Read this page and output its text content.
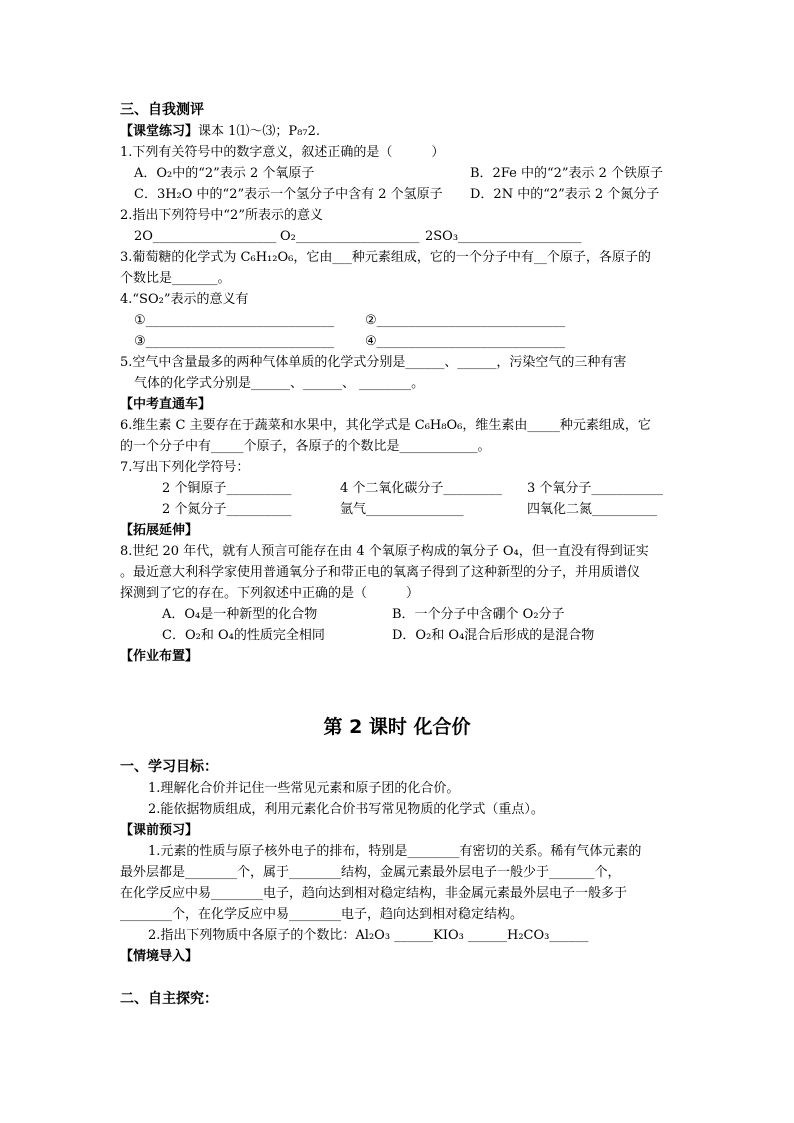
三、自我测评
【课堂练习】课本 1⑴～⑶；P₈₇2.
1.下列有关符号中的数字意义，叙述正确的是（　　　）
A．O₂中的“2”表示 2 个氧原子	B．2Fe 中的“2”表示 2 个铁原子
C．3H₂O 中的“2”表示一个氢分子中含有 2 个氢原子 D．2N 中的“2”表示 2 个氮分子
2.指出下列符号中“2”所表示的意义
2O___________________ O₂___________________ 2SO₃___________________
3.葡萄糖的化学式为 C₆H₁₂O₆，它由___种元素组成，它的一个分子中有__个原子，各原子的
个数比是_______。
4.“SO₂”表示的意义有
①_____________________________ ②_____________________________
③_____________________________ ④_____________________________
5.空气中含量最多的两种气体单质的化学式分别是______、______，污染空气的三种有害
气体的化学式分别是______、______、 ________。
【中考直通车】
6.维生素 C 主要存在于蔬菜和水果中，其化学式是 C₆H₈O₆，维生素由_____种元素组成，它
的一个分子中有_____个原子，各原子的个数比是____________。
7.写出下列化学符号：
2 个铜原子__________	4 个二氧化碳分子_________ 3 个氧分子___________
2 个氮分子__________	氩气_______________	四氧化二氮__________
【拓展延伸】
8.世纪 20 年代，就有人预言可能存在由 4 个氧原子构成的氧分子 O₄，但一直没有得到证实
。最近意大利科学家使用普通氧分子和带正电的氧离子得到了这种新型的分子，并用质谱仪
探测到了它的存在。下列叙述中正确的是（　　　）
A．O₄是一种新型的化合物	B．一个分子中含硼个 O₂分子
C．O₂和 O₄的性质完全相同	D．O₂和 O₄混合后形成的是混合物
【作业布置】
第 2 课时 化合价
一、学习目标：
1.理解化合价并记住一些常见元素和原子团的化合价。
2.能依据物质组成，利用元素化合价书写常见物质的化学式（重点）。
【课前预习】
1.元素的性质与原子核外电子的排布，特别是________有密切的关系。稀有气体元素的
最外层都是________个，属于________结构，金属元素最外层电子一般少于_______个，
在化学反应中易________电子，趋向达到相对稳定结构，非金属元素最外层电子一般多于
________个，在化学反应中易________电子，趋向达到相对稳定结构。
2.指出下列物质中各原子的个数比：Al₂O₃ ______KIO₃ ______H₂CO₃______
【情境导入】
二、自主探究：
